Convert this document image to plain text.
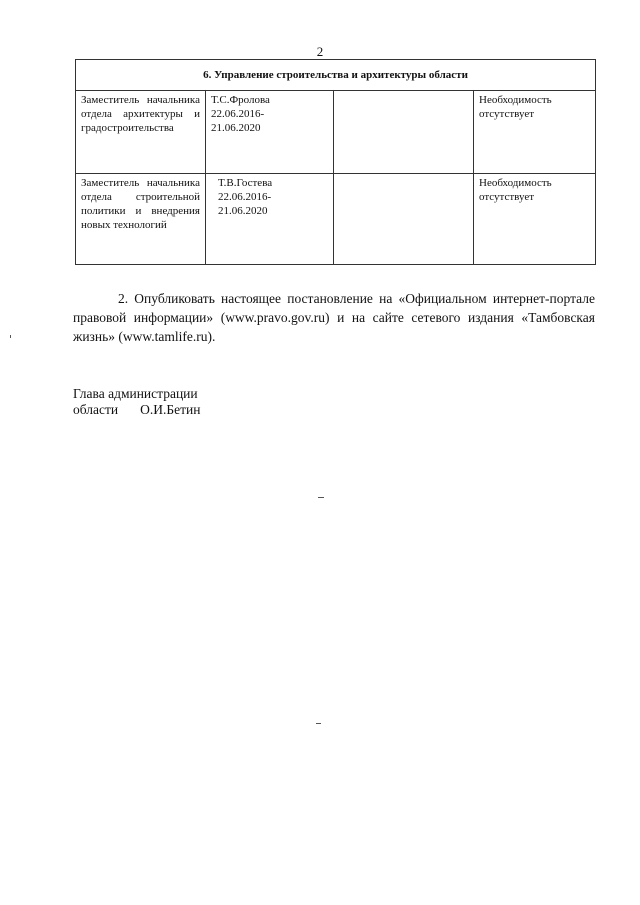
2
6. Управление строительства и архитектуры области			
Заместитель начальника отдела архитектуры и градостроительства	Т.С.Фролова
22.06.2016-
21.06.2020		Необходимость отсутствует
Заместитель начальника отдела строительной политики и внедрения новых технологий	Т.В.Гостева
22.06.2016-
21.06.2020		Необходимость отсутствует

2. Опубликовать настоящее постановление на «Официальном интернет-портале правовой информации» (www.pravo.gov.ru) и на сайте сетевого издания «Тамбовская жизнь» (www.tamlife.ru).

Глава администрации
области О.И.Бетин
